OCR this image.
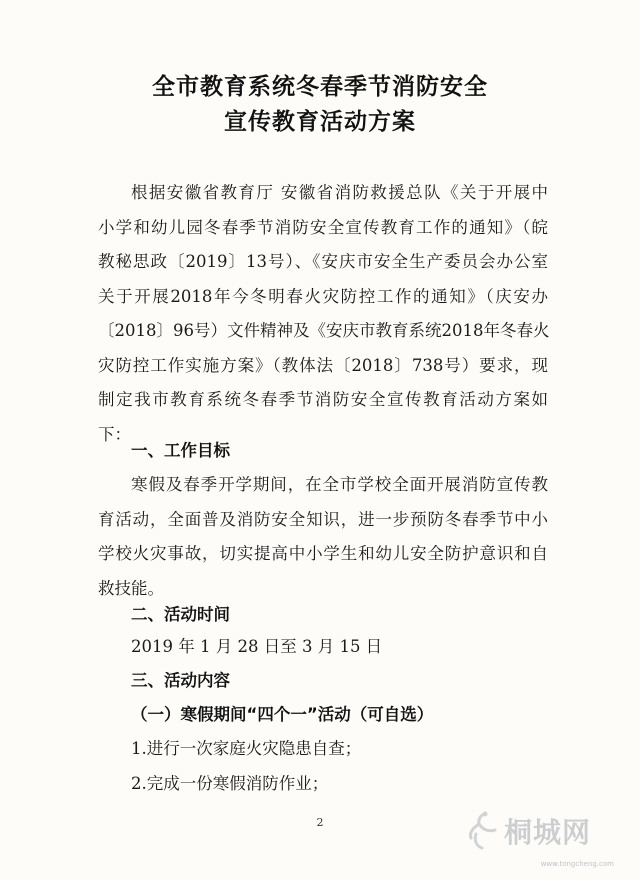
全市教育系统冬春季节消防安全
宣传教育活动方案
根据安徽省教育厅 安徽省消防救援总队《关于开展中
小学和幼儿园冬春季节消防安全宣传教育工作的通知》（皖
教秘思政〔2019〕13号）、《安庆市安全生产委员会办公室
关于开展2018年今冬明春火灾防控工作的通知》（庆安办
〔2018〕96号）文件精神及《安庆市教育系统2018年冬春火
灾防控工作实施方案》（教体法〔2018〕738号）要求，现
制定我市教育系统冬春季节消防安全宣传教育活动方案如
下：
一、工作目标
寒假及春季开学期间，在全市学校全面开展消防宣传教
育活动，全面普及消防安全知识，进一步预防冬春季节中小
学校火灾事故，切实提高中小学生和幼儿安全防护意识和自
救技能。
二、活动时间
2019 年 1 月 28 日至 3 月 15 日
三、活动内容
（一）寒假期间“四个一”活动（可自选）
1.进行一次家庭火灾隐患自查；
2.完成一份寒假消防作业；
2	桐城网
www.tongcheng.com
